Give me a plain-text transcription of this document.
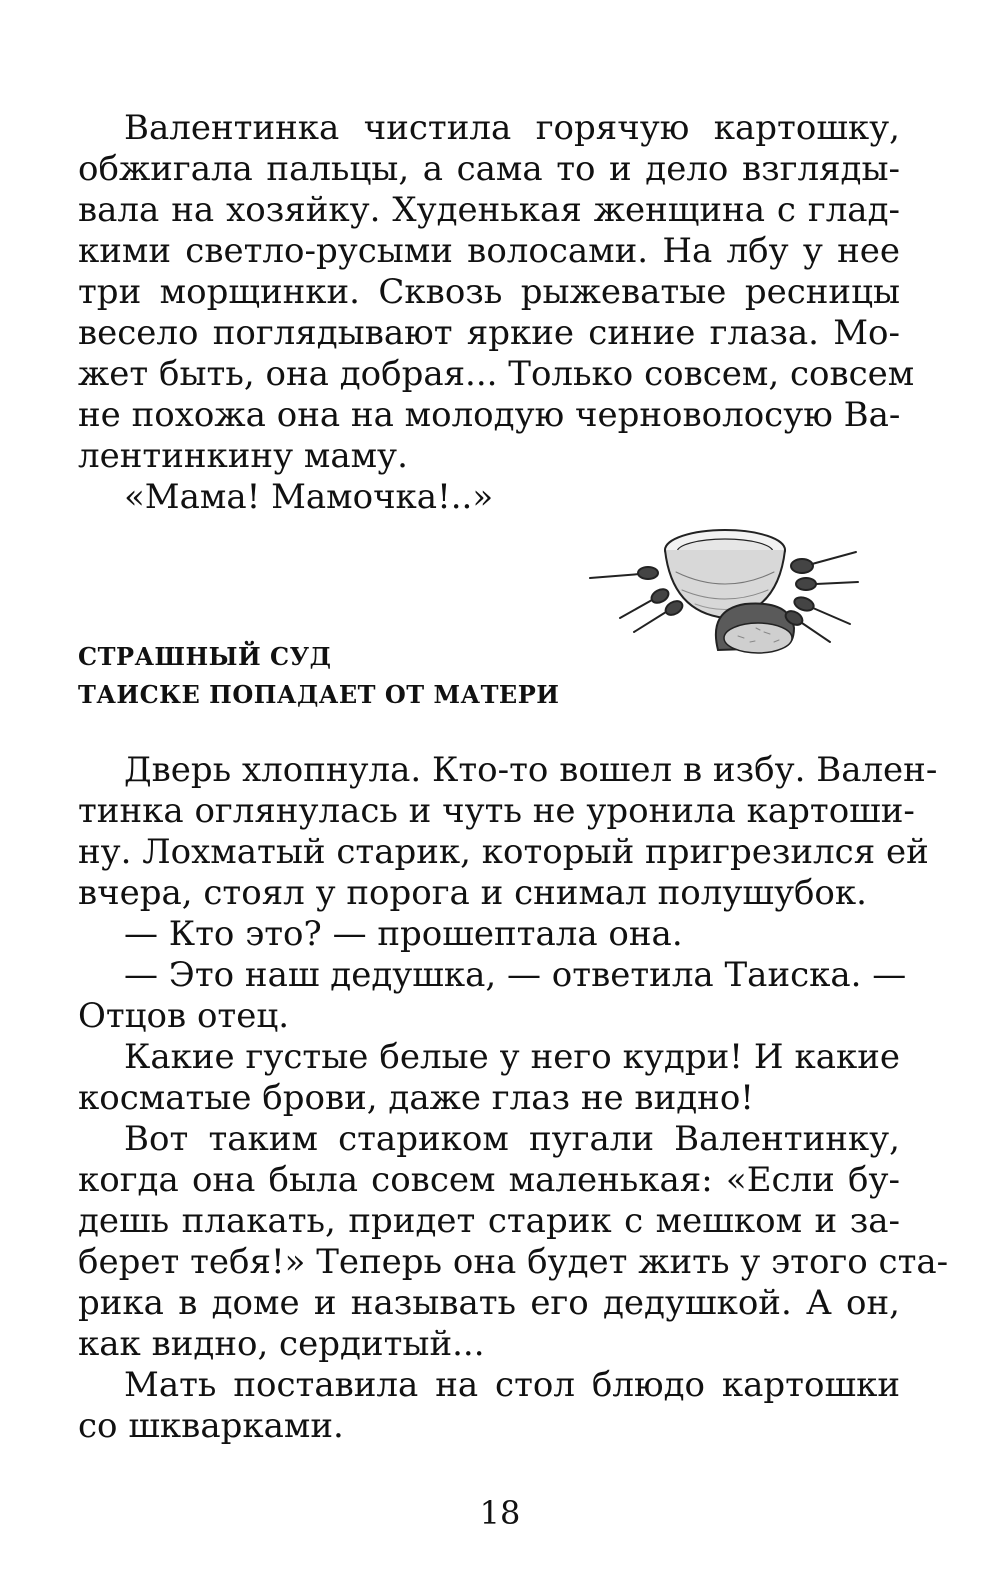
Валентинка чистила горячую картошку,
обжигала пальцы, а сама то и дело взгляды-
вала на хозяйку. Худенькая женщина с глад-
кими светло-русыми волосами. На лбу у нее
три морщинки. Сквозь рыжеватые ресницы
весело поглядывают яркие синие глаза. Мо-
жет быть, она добрая... Только совсем, совсем
не похожа она на молодую черноволосую Ва-
лентинкину маму.
«Мама! Мамочка!..»
СТРАШНЫЙ СУД
ТАИСКЕ ПОПАДАЕТ ОТ МАТЕРИ
Дверь хлопнула. Кто-то вошел в избу. Вален-
тинка оглянулась и чуть не уронила картоши-
ну. Лохматый старик, который пригрезился ей
вчера, стоял у порога и снимал полушубок.
— Кто это? — прошептала она.
— Это наш дедушка, — ответила Таиска. —
Отцов отец.
Какие густые белые у него кудри! И какие
косматые брови, даже глаз не видно!
Вот таким стариком пугали Валентинку,
когда она была совсем маленькая: «Если бу-
дешь плакать, придет старик с мешком и за-
берет тебя!» Теперь она будет жить у этого ста-
рика в доме и называть его дедушкой. А он,
как видно, сердитый...
Мать поставила на стол блюдо картошки
со шкварками.
18
